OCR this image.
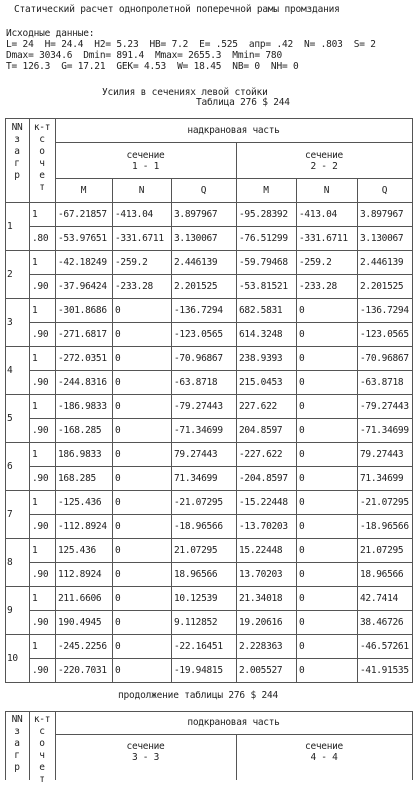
Статический расчет однопролетной поперечной рамы промздания
Исходные данные:
L= 24  H= 24.4  H2= 5.23  HB= 7.2  E= .525  aпр= .42  N= .803  S= 2
Dmax= 3034.6  Dmin= 891.4  Mmax= 2655.3  Mmin= 780
T= 126.3  G= 17.21  GEK= 4.53  W= 18.45  NB= 0  NH= 0
Усилия в сечениях левой стойки
Таблица 276 $ 244
NN
з
а
г
р
к-т
с
о
ч
е
т
надкрановая часть
сечение
1 - 1
сечение
2 - 2
M	N	Q	M	N	Q
1
1 -67.21857 -413.04 3.897967 -95.28392 -413.04 3.897967
.80 -53.97651 -331.6711 3.130067 -76.51299 -331.6711 3.130067
2
1 -42.18249 -259.2	2.446139 -59.79468 -259.2	2.446139
.90 -37.96424 -233.28 2.201525 -53.81521 -233.28 2.201525
3
1 -301.8686 0	-136.7294 682.5831 0	-136.7294
.90 -271.6817 0	-123.0565 614.3248 0	-123.0565
4
1 -272.0351 0	-70.96867 238.9393 0	-70.96867
.90 -244.8316 0	-63.8718 215.0453 0	-63.8718
5
1 -186.9833 0	-79.27443 227.622 0	-79.27443
.90 -168.285 0	-71.34699 204.8597 0	-71.34699
6
1 186.9833 0	79.27443 -227.622 0	79.27443
.90 168.285 0	71.34699 -204.8597 0	71.34699
7
1 -125.436 0	-21.07295 -15.22448 0	-21.07295
.90 -112.8924 0	-18.96566 -13.70203 0	-18.96566
8
1 125.436 0	21.07295 15.22448 0	21.07295
.90 112.8924 0	18.96566 13.70203 0	18.96566
9
1 211.6606 0	10.12539 21.34018 0	42.7414
.90 190.4945 0	9.112852 19.20616 0	38.46726
10
1 -245.2256 0	-22.16451 2.228363 0	-46.57261
.90 -220.7031 0	-19.94815 2.005527 0	-41.91535
продолжение таблицы 276 $ 244
NN
з
а
г
р
к-т
с
о
ч
е
т
подкрановая часть
сечение
3 - 3
сечение
4 - 4
